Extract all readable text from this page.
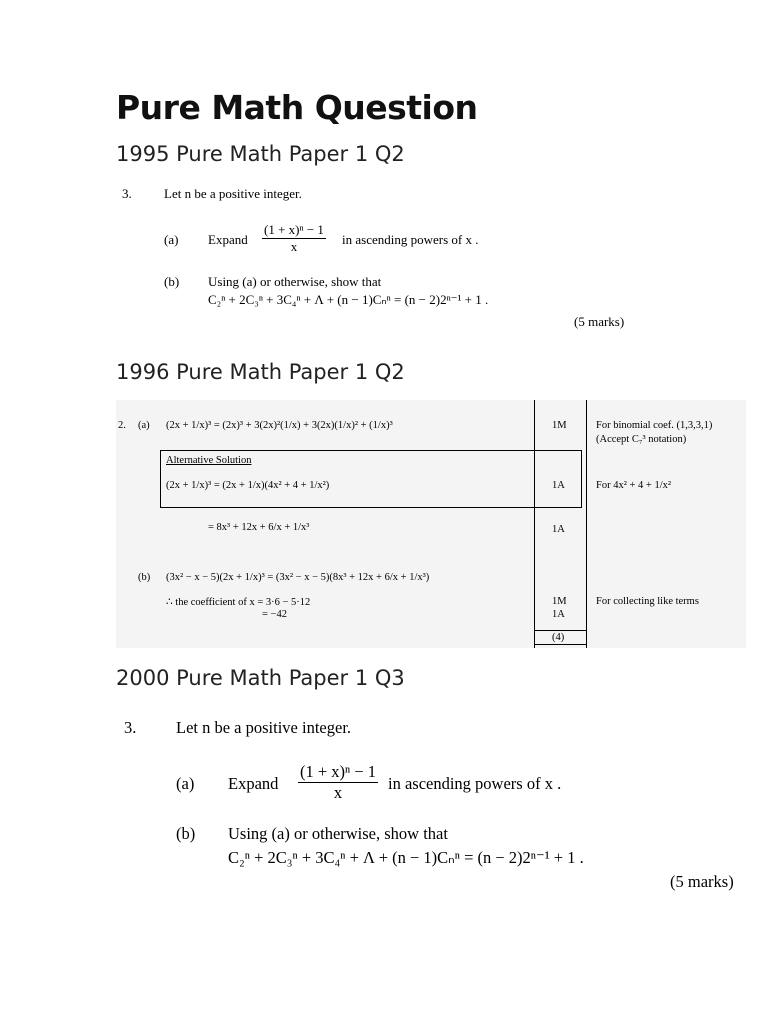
Pure Math Question
1995 Pure Math Paper 1 Q2
3. Let n be a positive integer.
(a) Expand $\frac{\text{(1 + x)ⁿ − 1}}{x}$ in ascending powers of x .
(b) Using (a) or otherwise, show that
C₂ⁿ + 2C₃ⁿ + 3C₄ⁿ + Λ + (n − 1)Cₙⁿ = (n − 2)2ⁿ⁻¹ + 1 .
(5 marks)
1996 Pure Math Paper 1 Q2
2. (a) (2x + 1/x)³ = (2x)³ + 3(2x)²(1/x) + 3(2x)(1/x)² + (1/x)³
Alternative Solution
(2x + 1/x)³ = (2x + 1/x)(4x² + 4 + 1/x²)
= 8x³ + 12x + 6/x + 1/x³
(b) (3x² − x − 5)(2x + 1/x)³ = (3x² − x − 5)(8x³ + 12x + 6/x + 1/x³)
∴ the coefficient of x = 3·6 − 5·12
= −42
1M
1A
1A
1M
1A
(4)
For binomial coef. (1,3,3,1)
(Accept C₇³ notation)
For 4x² + 4 + 1/x²
For collecting like terms
2000 Pure Math Paper 1 Q3
3. Let n be a positive integer.
(a) Expand $\frac{\text{(1 + x)ⁿ − 1}}{x}$ in ascending powers of x .
(b) Using (a) or otherwise, show that
C₂ⁿ + 2C₃ⁿ + 3C₄ⁿ + Λ + (n − 1)Cₙⁿ = (n − 2)2ⁿ⁻¹ + 1 .
(5 marks)
